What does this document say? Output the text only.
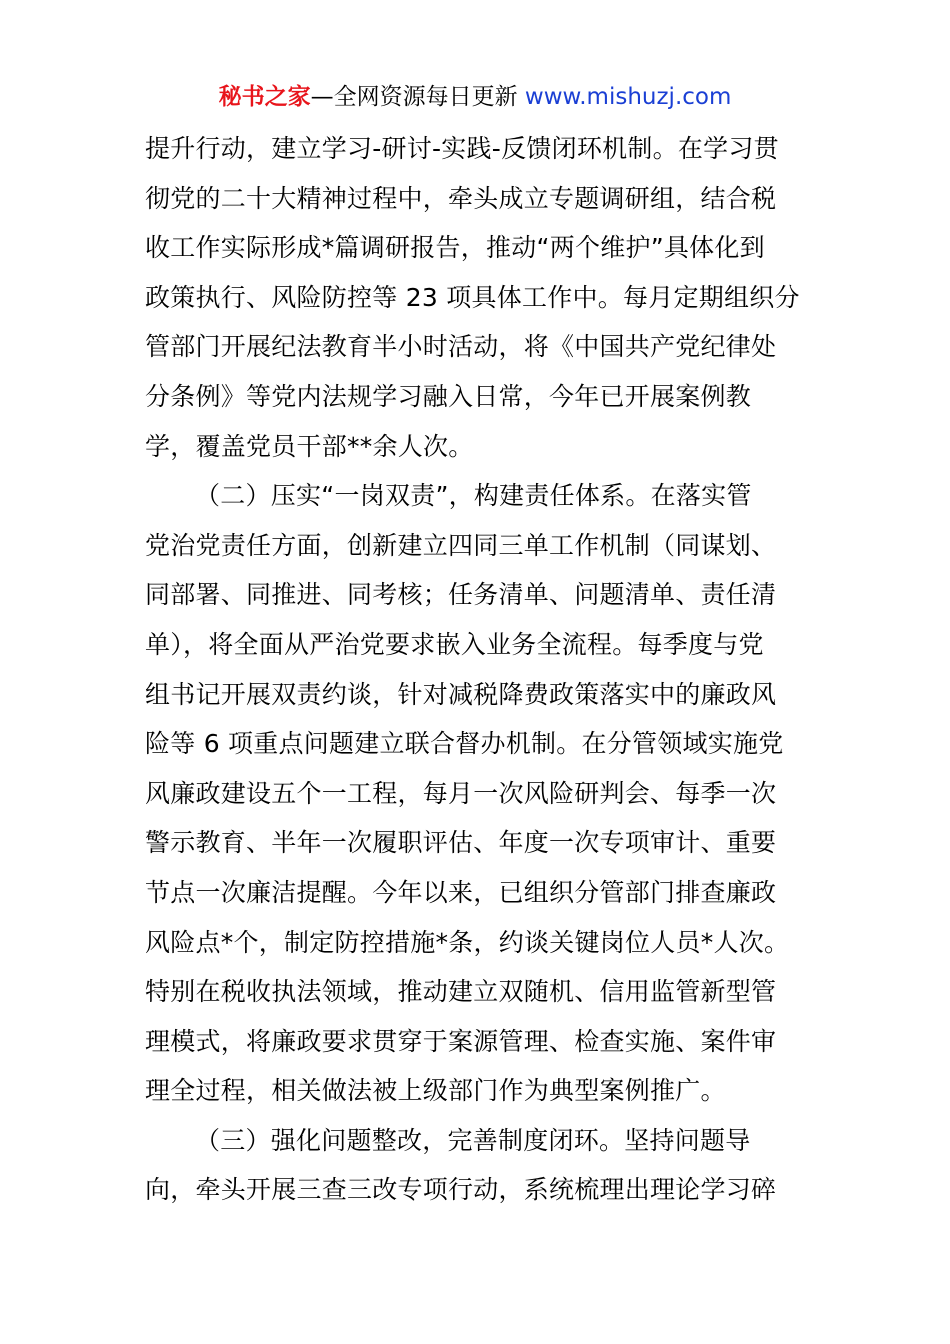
秘书之家—全网资源每日更新 www.mishuzj.com
提升行动，建立学习-研讨-实践-反馈闭环机制。在学习贯
彻党的二十大精神过程中，牵头成立专题调研组，结合税
收工作实际形成*篇调研报告，推动“两个维护”具体化到
政策执行、风险防控等 23 项具体工作中。每月定期组织分
管部门开展纪法教育半小时活动，将《中国共产党纪律处
分条例》等党内法规学习融入日常，今年已开展案例教
学，覆盖党员干部**余人次。
（二）压实“一岗双责”，构建责任体系。在落实管
党治党责任方面，创新建立四同三单工作机制（同谋划、
同部署、同推进、同考核；任务清单、问题清单、责任清
单），将全面从严治党要求嵌入业务全流程。每季度与党
组书记开展双责约谈，针对减税降费政策落实中的廉政风
险等 6 项重点问题建立联合督办机制。在分管领域实施党
风廉政建设五个一工程，每月一次风险研判会、每季一次
警示教育、半年一次履职评估、年度一次专项审计、重要
节点一次廉洁提醒。今年以来，已组织分管部门排查廉政
风险点*个，制定防控措施*条，约谈关键岗位人员*人次。
特别在税收执法领域，推动建立双随机、信用监管新型管
理模式，将廉政要求贯穿于案源管理、检查实施、案件审
理全过程，相关做法被上级部门作为典型案例推广。
（三）强化问题整改，完善制度闭环。坚持问题导
向，牵头开展三查三改专项行动，系统梳理出理论学习碎
